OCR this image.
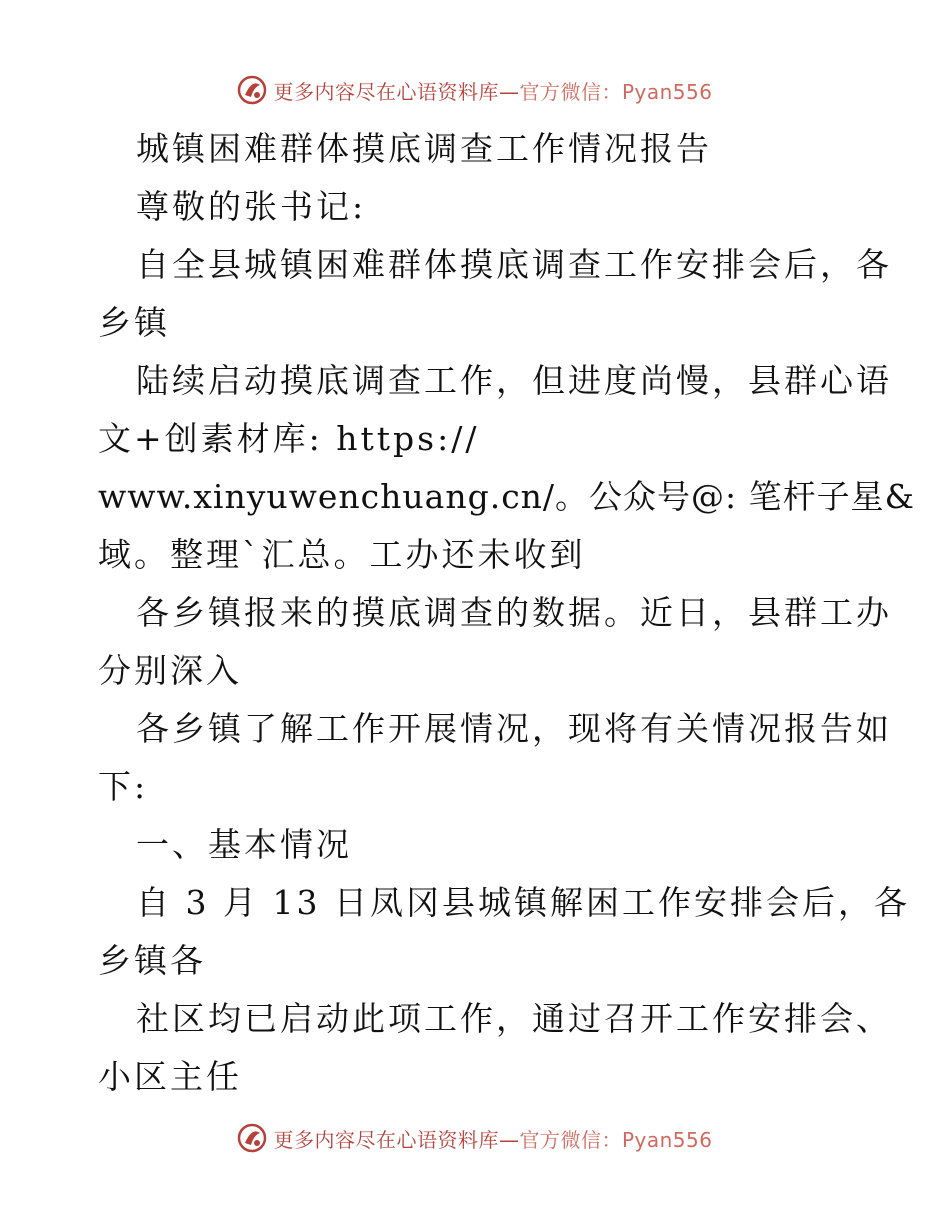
更多内容尽在心语资料库—官方微信：Pyan556
城镇困难群体摸底调查工作情况报告
尊敬的张书记:
自全县城镇困难群体摸底调查工作安排会后，各
乡镇
陆续启动摸底调查工作，但进度尚慢，县群心语
文+创素材库: https://
www.xinyuwenchuang.cn/。公众号@: 笔杆子星&
域。整理`汇总。工办还未收到
各乡镇报来的摸底调查的数据。近日，县群工办
分别深入
各乡镇了解工作开展情况，现将有关情况报告如
下:
一、基本情况
自 3 月 13 日凤冈县城镇解困工作安排会后，各
乡镇各
社区均已启动此项工作，通过召开工作安排会、
小区主任
更多内容尽在心语资料库—官方微信：Pyan556
